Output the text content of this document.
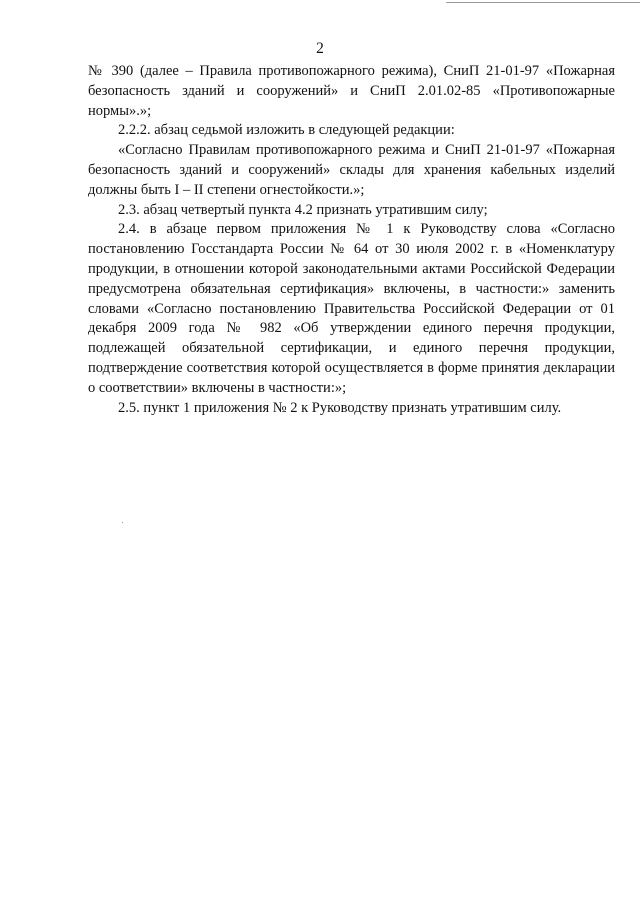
2

№ 390 (далее – Правила противопожарного режима), СниП 21-01-97 «Пожарная безопасность зданий и сооружений» и СниП 2.01.02-85 «Противопожарные нормы».»;

2.2.2. абзац седьмой изложить в следующей редакции:

«Согласно Правилам противопожарного режима и СниП 21-01-97 «Пожарная безопасность зданий и сооружений» склады для хранения кабельных изделий должны быть I – II степени огнестойкости.»;

2.3. абзац четвертый пункта 4.2 признать утратившим силу;

2.4. в абзаце первом приложения № 1 к Руководству слова «Согласно постановлению Госстандарта России № 64 от 30 июля 2002 г. в «Номенклатуру продукции, в отношении которой законодательными актами Российской Федерации предусмотрена обязательная сертификация» включены, в частности:» заменить словами «Согласно постановлению Правительства Российской Федерации от 01 декабря 2009 года № 982 «Об утверждении единого перечня продукции, подлежащей обязательной сертификации, и единого перечня продукции, подтверждение соответствия которой осуществляется в форме принятия декларации о соответствии» включены в частности:»;

2.5. пункт 1 приложения № 2 к Руководству признать утратившим силу.
